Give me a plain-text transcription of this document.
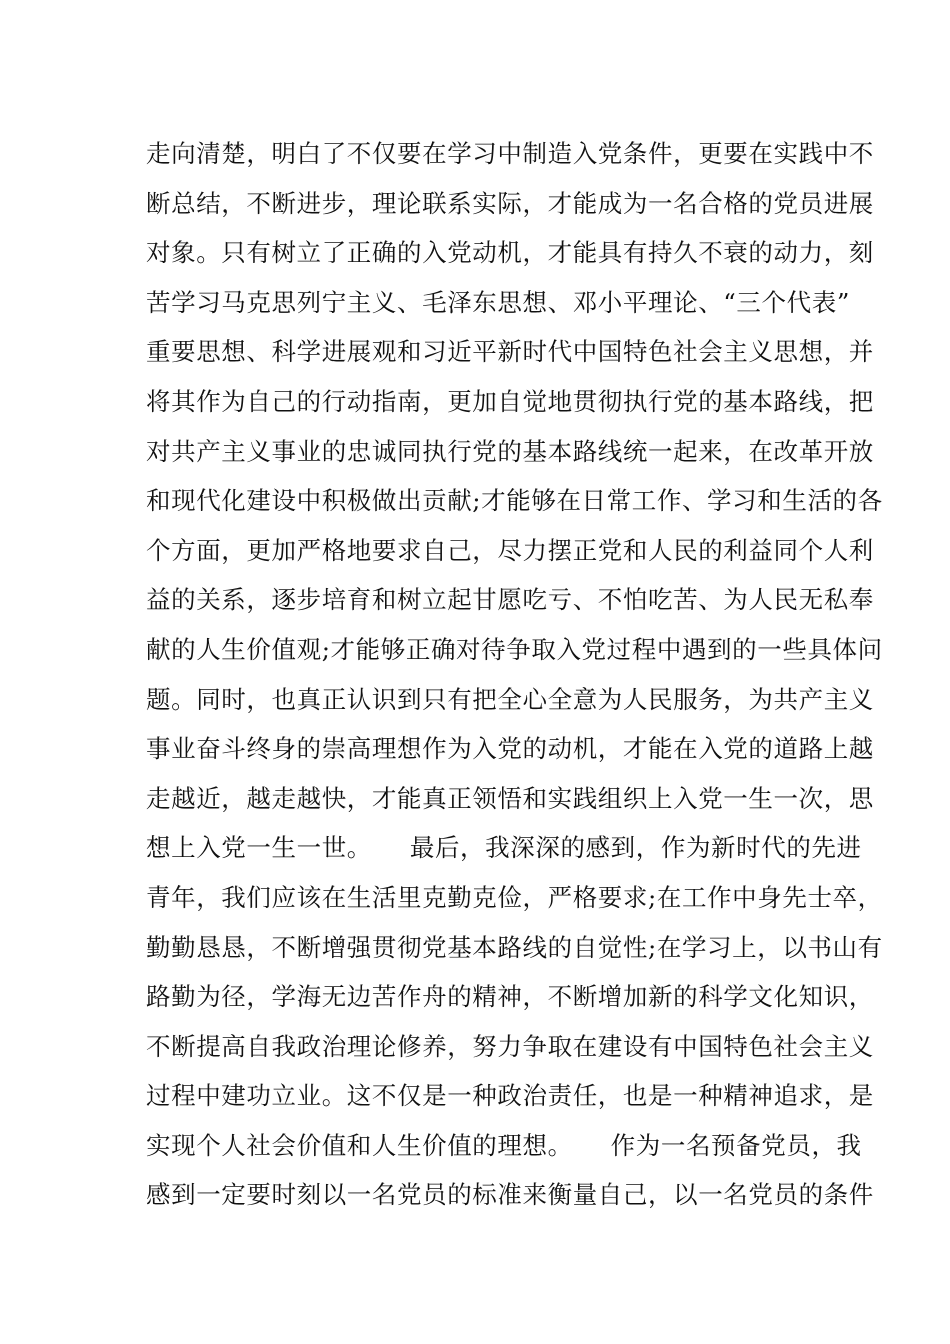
走向清楚，明白了不仅要在学习中制造入党条件，更要在实践中不
断总结，不断进步，理论联系实际，才能成为一名合格的党员进展
对象。只有树立了正确的入党动机，才能具有持久不衰的动力，刻
苦学习马克思列宁主义、毛泽东思想、邓小平理论、“三个代表”
重要思想、科学进展观和习近平新时代中国特色社会主义思想，并
将其作为自己的行动指南，更加自觉地贯彻执行党的基本路线，把
对共产主义事业的忠诚同执行党的基本路线统一起来，在改革开放
和现代化建设中积极做出贡献;才能够在日常工作、学习和生活的各
个方面，更加严格地要求自己，尽力摆正党和人民的利益同个人利
益的关系，逐步培育和树立起甘愿吃亏、不怕吃苦、为人民无私奉
献的人生价值观;才能够正确对待争取入党过程中遇到的一些具体问
题。同时，也真正认识到只有把全心全意为人民服务，为共产主义
事业奋斗终身的崇高理想作为入党的动机，才能在入党的道路上越
走越近，越走越快，才能真正领悟和实践组织上入党一生一次，思
想上入党一生一世。　　最后，我深深的感到，作为新时代的先进
青年，我们应该在生活里克勤克俭，严格要求;在工作中身先士卒，
勤勤恳恳，不断增强贯彻党基本路线的自觉性;在学习上，以书山有
路勤为径，学海无边苦作舟的精神，不断增加新的科学文化知识，
不断提高自我政治理论修养，努力争取在建设有中国特色社会主义
过程中建功立业。这不仅是一种政治责任，也是一种精神追求，是
实现个人社会价值和人生价值的理想。　　作为一名预备党员，我
感到一定要时刻以一名党员的标准来衡量自己，以一名党员的条件
